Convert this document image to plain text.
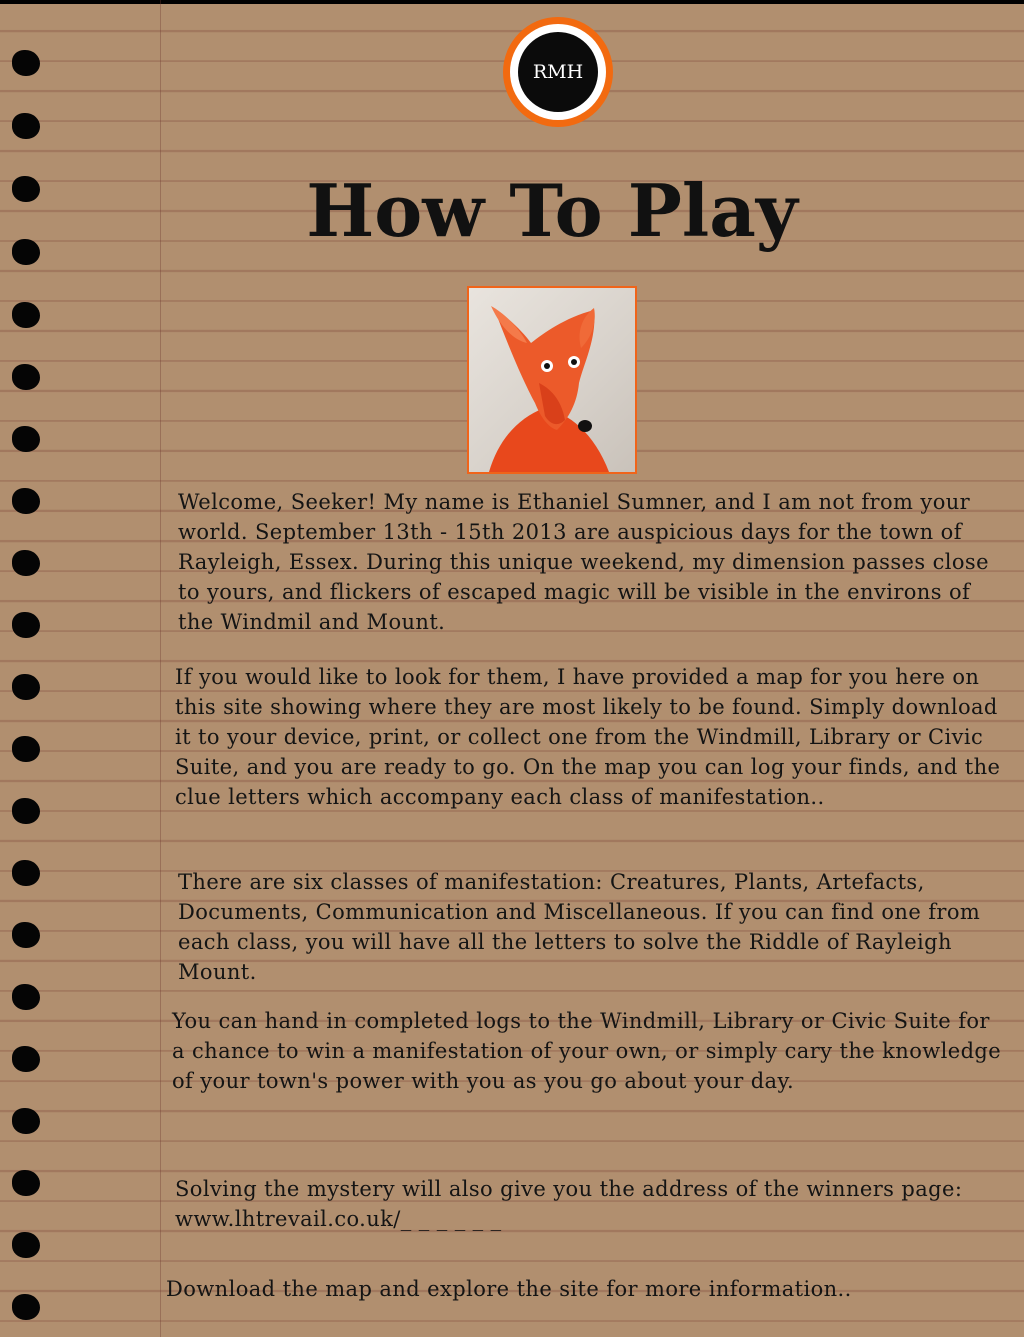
RMH
How To Play

Welcome, Seeker! My name is Ethaniel Sumner, and I am not from your world. September 13th - 15th 2013 are auspicious days for the town of Rayleigh, Essex. During this unique weekend, my dimension passes close to yours, and flickers of escaped magic will be visible in the environs of the Windmil and Mount.

If you would like to look for them, I have provided a map for you here on this site showing where they are most likely to be found. Simply download it to your device, print, or collect one from the Windmill, Library or Civic Suite, and you are ready to go. On the map you can log your finds, and the clue letters which accompany each class of manifestation..

There are six classes of manifestation: Creatures, Plants, Artefacts, Documents, Communication and Miscellaneous. If you can find one from each class, you will have all the letters to solve the Riddle of Rayleigh Mount.

You can hand in completed logs to the Windmill, Library or Civic Suite for a chance to win a manifestation of your own, or simply cary the knowledge of your town's power with you as you go about your day.

Solving the mystery will also give you the address of the winners page: www.lhtrevail.co.uk/_ _ _ _ _ _

Download the map and explore the site for more information..
